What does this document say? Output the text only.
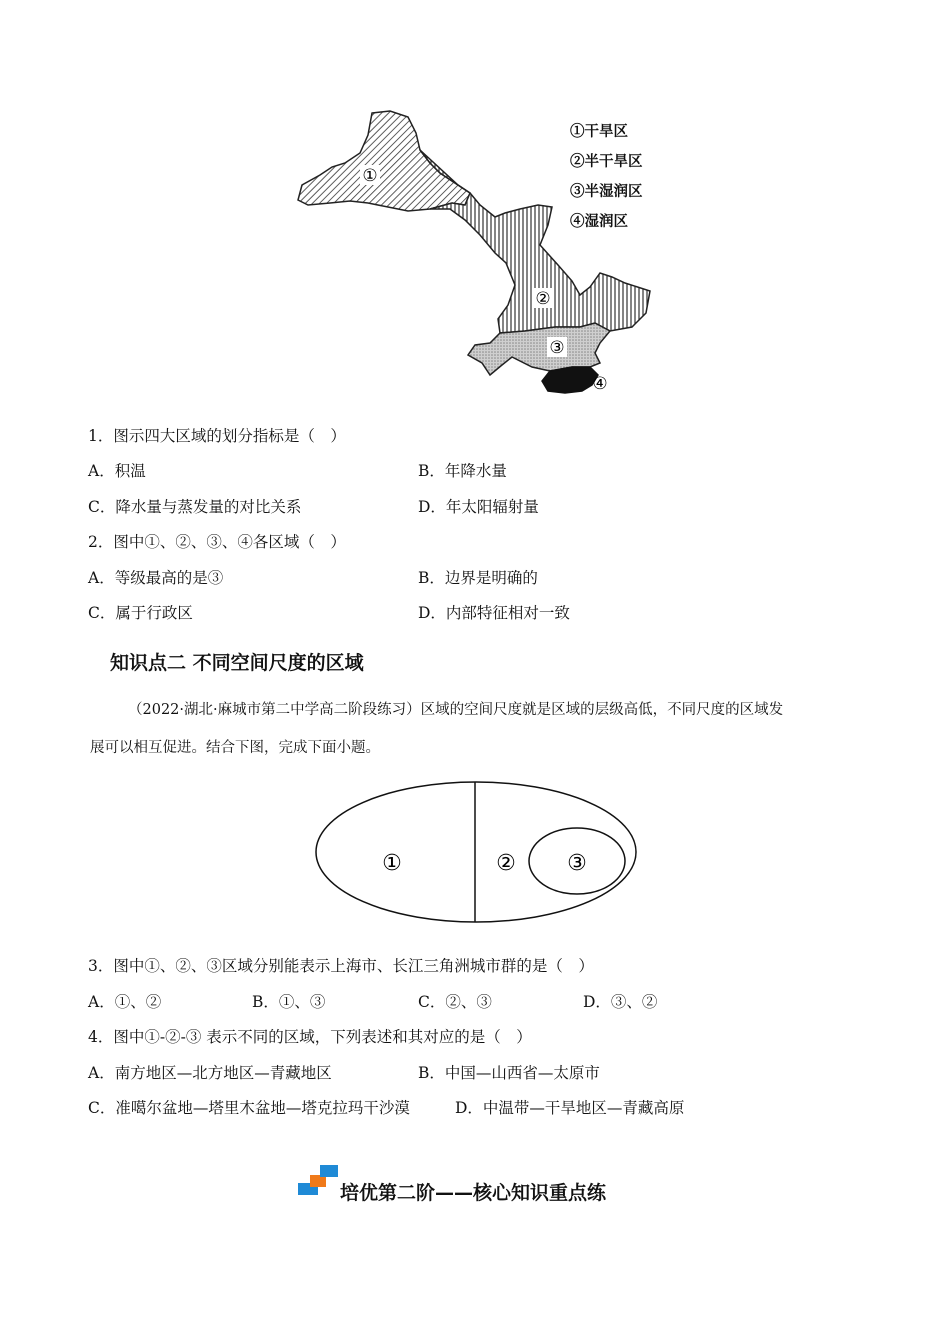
①
②
③
④
①干旱区
②半干旱区
③半湿润区
④湿润区
1．图示四大区域的划分指标是（　）
A．积温	B．年降水量
C．降水量与蒸发量的对比关系	D．年太阳辐射量
2．图中①、②、③、④各区域（　）
A．等级最高的是③	B．边界是明确的
C．属于行政区	D．内部特征相对一致
知识点二 不同空间尺度的区域
（2022·湖北·麻城市第二中学高二阶段练习）区域的空间尺度就是区域的层级高低，不同尺度的区域发
展可以相互促进。结合下图，完成下面小题。
①	② ③
3．图中①、②、③区域分别能表示上海市、长江三角洲城市群的是（　）
A．①、②	B．①、③	C．②、③	D．③、②
4．图中①-②-③ 表示不同的区域，下列表述和其对应的是（　）
A．南方地区—北方地区—青藏地区	B．中国—山西省—太原市
C．准噶尔盆地—塔里木盆地—塔克拉玛干沙漠	D．中温带—干旱地区—青藏高原
培优第二阶——核心知识重点练
